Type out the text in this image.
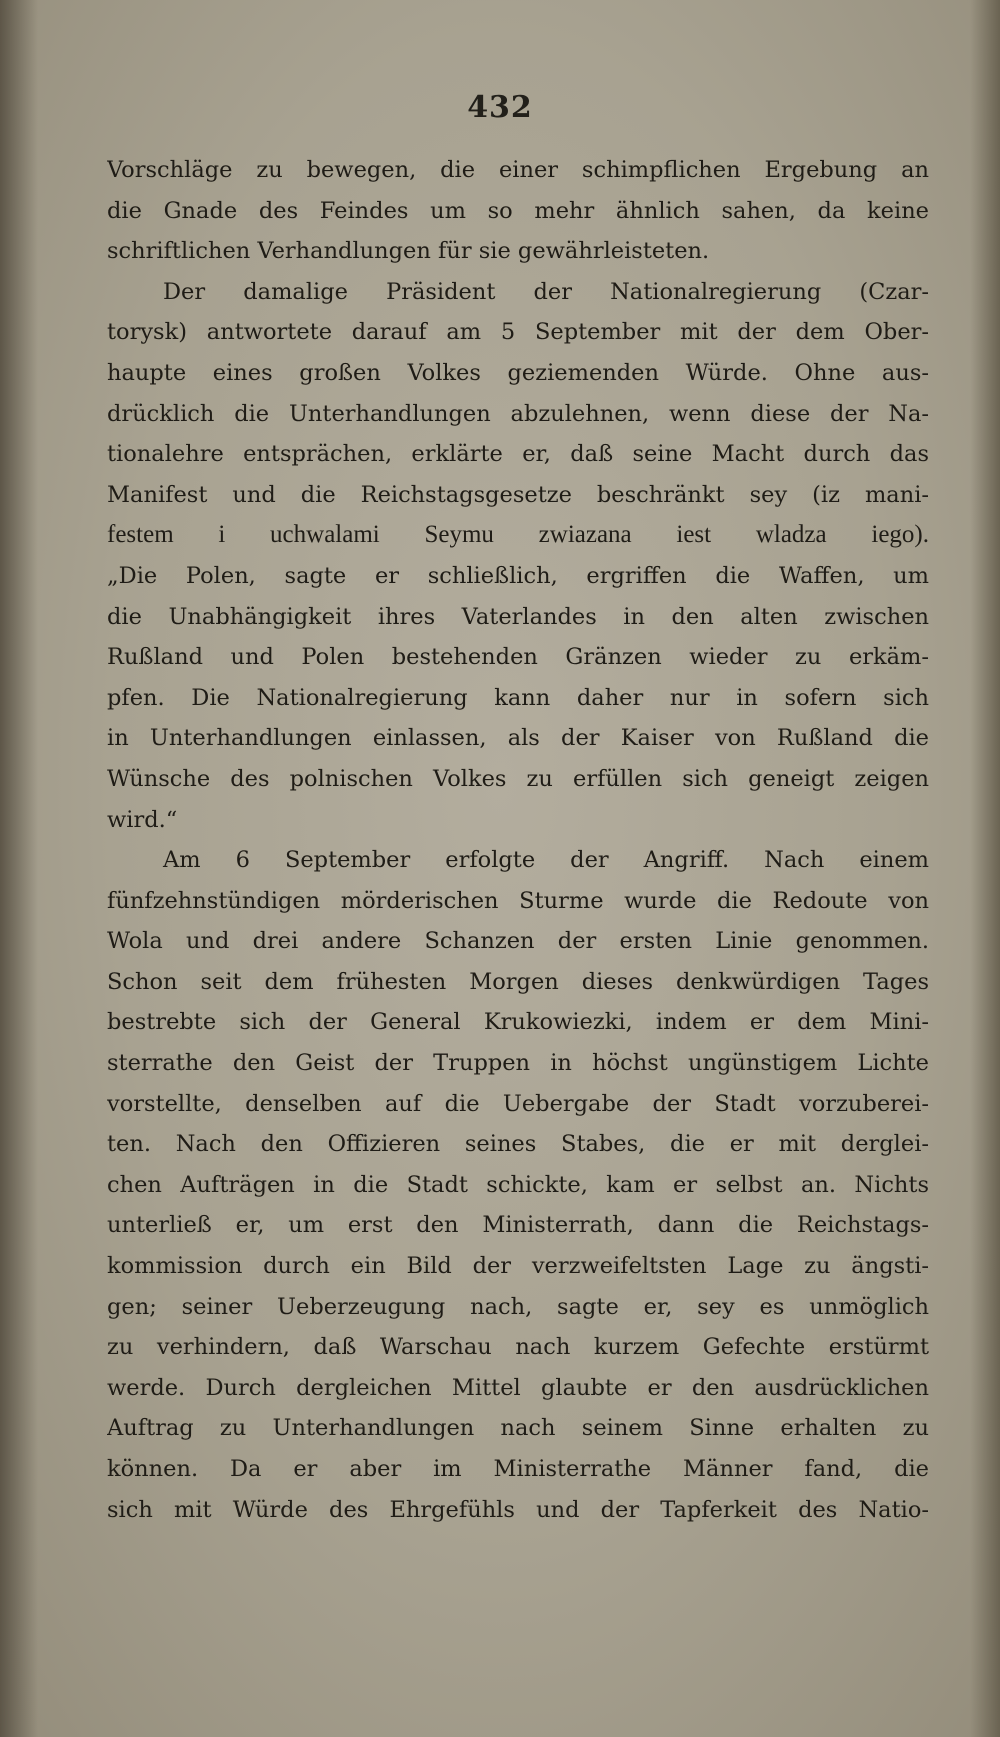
432
Vorschläge zu bewegen, die einer schimpflichen Ergebung an
die Gnade des Feindes um so mehr ähnlich sahen, da keine
schriftlichen Verhandlungen für sie gewährleisteten.
Der damalige Präsident der Nationalregierung (Czar-
torysk) antwortete darauf am 5 September mit der dem Ober-
haupte eines großen Volkes geziemenden Würde. Ohne aus-
drücklich die Unterhandlungen abzulehnen, wenn diese der Na-
tionalehre entsprächen, erklärte er, daß seine Macht durch das
Manifest und die Reichstagsgesetze beschränkt sey (iz mani-
festem i uchwalami Seymu zwiazana iest wladza iego).
„Die Polen, sagte er schließlich, ergriffen die Waffen, um
die Unabhängigkeit ihres Vaterlandes in den alten zwischen
Rußland und Polen bestehenden Gränzen wieder zu erkäm-
pfen. Die Nationalregierung kann daher nur in sofern sich
in Unterhandlungen einlassen, als der Kaiser von Rußland die
Wünsche des polnischen Volkes zu erfüllen sich geneigt zeigen
wird.“
Am 6 September erfolgte der Angriff. Nach einem
fünfzehnstündigen mörderischen Sturme wurde die Redoute von
Wola und drei andere Schanzen der ersten Linie genommen.
Schon seit dem frühesten Morgen dieses denkwürdigen Tages
bestrebte sich der General Krukowiezki, indem er dem Mini-
sterrathe den Geist der Truppen in höchst ungünstigem Lichte
vorstellte, denselben auf die Uebergabe der Stadt vorzuberei-
ten. Nach den Offizieren seines Stabes, die er mit derglei-
chen Aufträgen in die Stadt schickte, kam er selbst an. Nichts
unterließ er, um erst den Ministerrath, dann die Reichstags-
kommission durch ein Bild der verzweifeltsten Lage zu ängsti-
gen; seiner Ueberzeugung nach, sagte er, sey es unmöglich
zu verhindern, daß Warschau nach kurzem Gefechte erstürmt
werde. Durch dergleichen Mittel glaubte er den ausdrücklichen
Auftrag zu Unterhandlungen nach seinem Sinne erhalten zu
können. Da er aber im Ministerrathe Männer fand, die
sich mit Würde des Ehrgefühls und der Tapferkeit des Natio-
